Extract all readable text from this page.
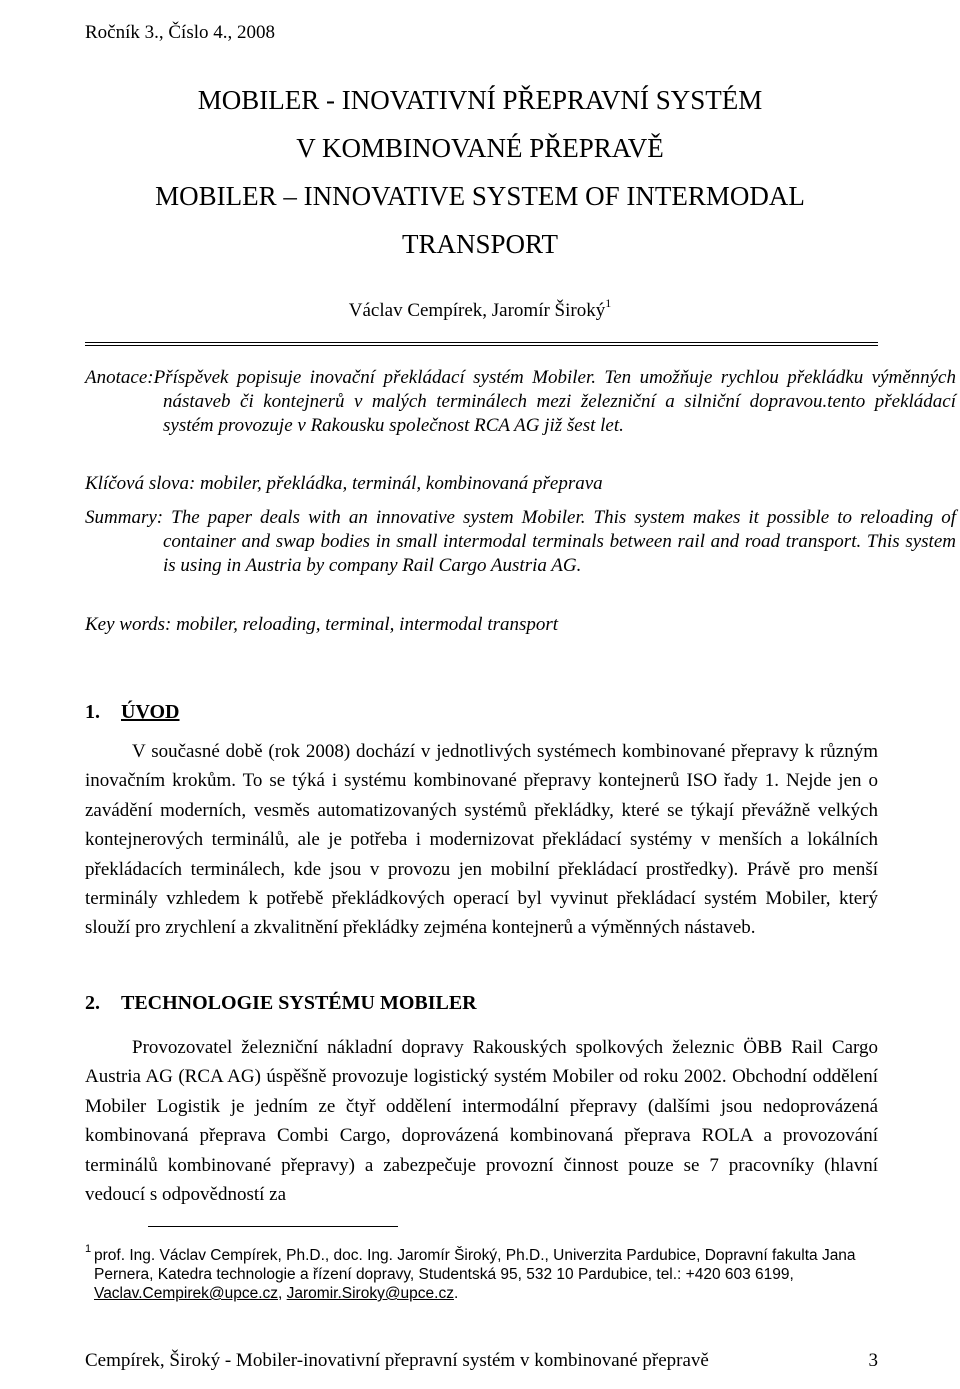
Ročník 3., Číslo 4., 2008
MOBILER - INOVATIVNÍ PŘEPRAVNÍ SYSTÉM
V KOMBINOVANÉ PŘEPRAVĚ
MOBILER – INNOVATIVE SYSTEM OF INTERMODAL
TRANSPORT
Václav Cempírek, Jaromír Široký$^1$
Anotace:Příspěvek popisuje inovační překládací systém Mobiler. Ten umožňuje rychlou překládku výměnných nástaveb či kontejnerů v malých terminálech mezi železniční a silniční dopravou.tento překládací systém provozuje v Rakousku společnost RCA AG již šest let.
Klíčová slova: mobiler, překládka, terminál, kombinovaná přeprava
Summary: The paper deals with an innovative system Mobiler. This system makes it possible to reloading of container and swap bodies in small intermodal terminals between rail and road transport. This system is using in Austria by company Rail Cargo Austria AG.
Key words: mobiler, reloading, terminal, intermodal transport
1. ÚVOD
V současné době (rok 2008) dochází v jednotlivých systémech kombinované přepravy k různým inovačním krokům. To se týká i systému kombinované přepravy kontejnerů ISO řady 1. Nejde jen o zavádění moderních, vesměs automatizovaných systémů překládky, které se týkají převážně velkých kontejnerových terminálů, ale je potřeba i modernizovat překládací systémy v menších a lokálních překládacích terminálech, kde jsou v provozu jen mobilní překládací prostředky). Právě pro menší terminály vzhledem k potřebě překládkových operací byl vyvinut překládací systém Mobiler, který slouží pro zrychlení a zkvalitnění překládky zejména kontejnerů a výměnných nástaveb.
2. TECHNOLOGIE SYSTÉMU MOBILER
Provozovatel železniční nákladní dopravy Rakouských spolkových železnic ÖBB Rail Cargo Austria AG (RCA AG) úspěšně provozuje logistický systém Mobiler od roku 2002. Obchodní oddělení Mobiler Logistik je jedním ze čtyř oddělení intermodální přepravy (dalšími jsou nedoprovázená kombinovaná přeprava Combi Cargo, doprovázená kombinovaná přeprava ROLA a provozování terminálů kombinované přepravy) a zabezpečuje provozní činnost pouze se 7 pracovníky (hlavní vedoucí s odpovědností za
1 prof. Ing. Václav Cempírek, Ph.D., doc. Ing. Jaromír Široký, Ph.D., Univerzita Pardubice, Dopravní fakulta Jana Pernera, Katedra technologie a řízení dopravy, Studentská 95, 532 10 Pardubice, tel.: +420 603 6199, Vaclav.Cempirek@upce.cz, Jaromir.Siroky@upce.cz.
Cempírek, Široký - Mobiler-inovativní přepravní systém v kombinované přepravě	3
